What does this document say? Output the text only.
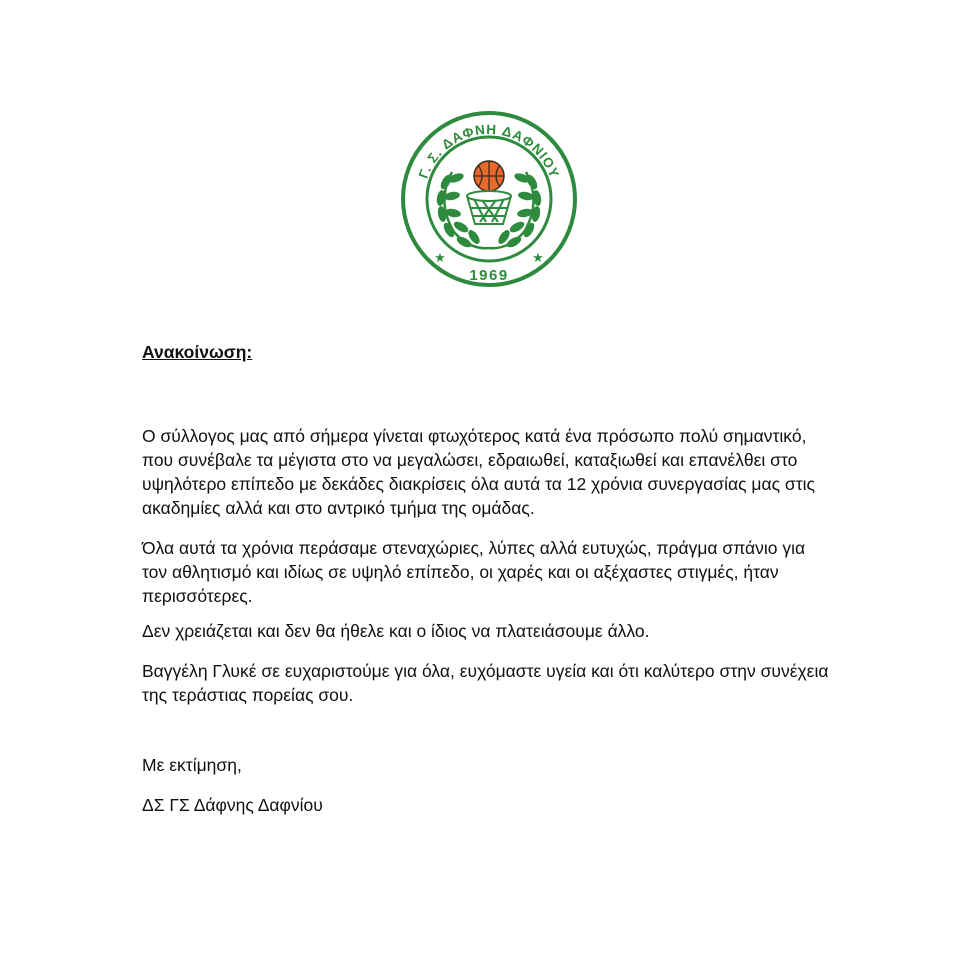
Γ. Σ. ΔΑΦΝΗ ΔΑΦΝΙΟΥ
★	★
1969

Ανακοίνωση:

Ο σύλλογος μας από σήμερα γίνεται φτωχότερος κατά ένα πρόσωπο πολύ σημαντικό, που συνέβαλε τα μέγιστα στο να μεγαλώσει, εδραιωθεί, καταξιωθεί και επανέλθει στο υψηλότερο επίπεδο με δεκάδες διακρίσεις όλα αυτά τα 12 χρόνια συνεργασίας μας στις ακαδημίες αλλά και στο αντρικό τμήμα της ομάδας.

Όλα αυτά τα χρόνια περάσαμε στεναχώριες, λύπες αλλά ευτυχώς, πράγμα σπάνιο για τον αθλητισμό και ιδίως σε υψηλό επίπεδο, οι χαρές και οι αξέχαστες στιγμές, ήταν περισσότερες.

Δεν χρειάζεται και δεν θα ήθελε και ο ίδιος να πλατειάσουμε άλλο.

Βαγγέλη Γλυκέ σε ευχαριστούμε για όλα, ευχόμαστε υγεία και ότι καλύτερο στην συνέχεια της τεράστιας πορείας σου.

Με εκτίμηση,

ΔΣ ΓΣ Δάφνης Δαφνίου
